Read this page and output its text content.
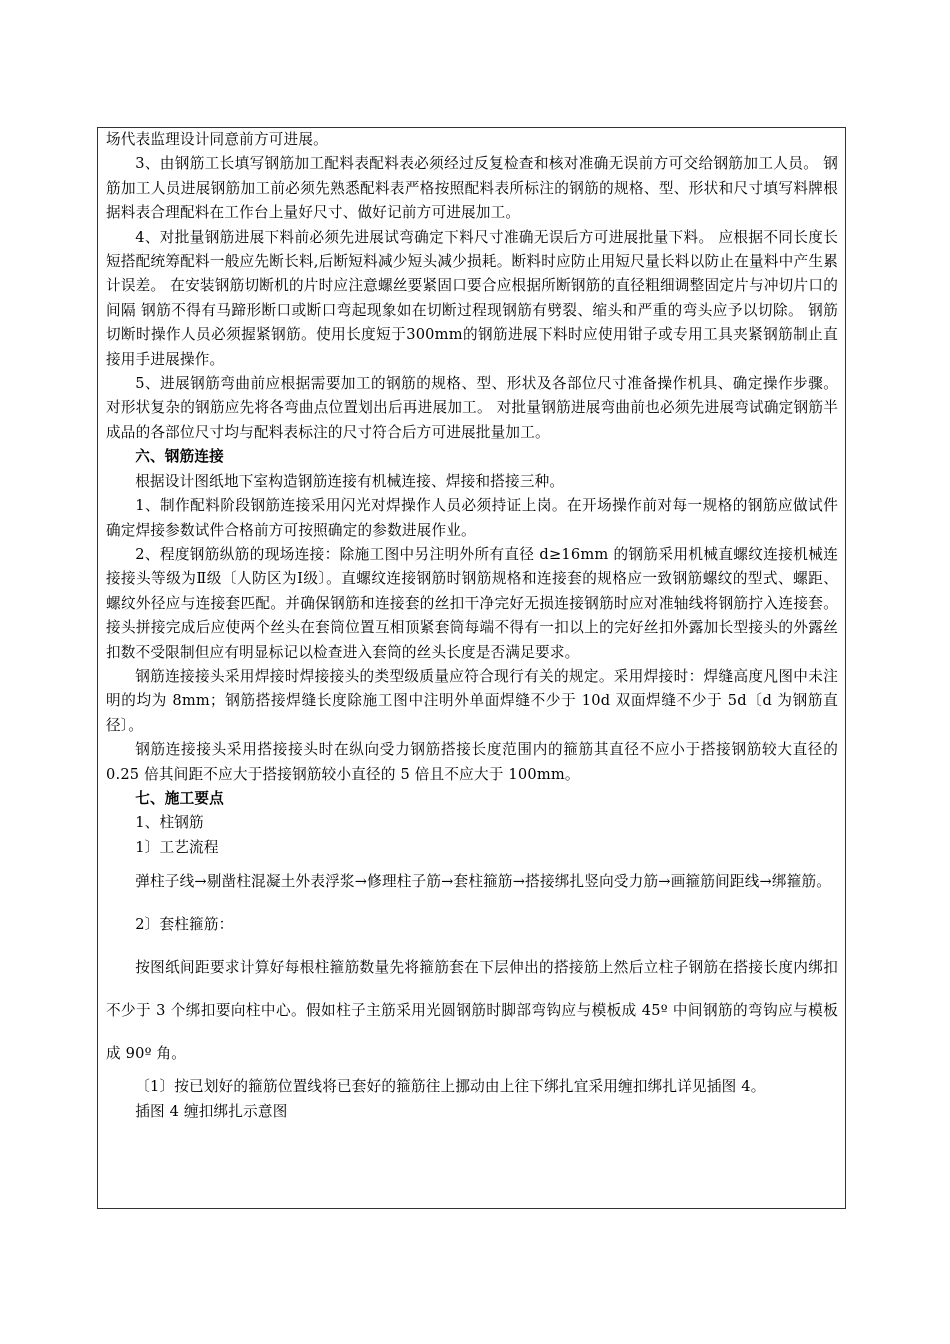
场代表监理设计同意前方可进展。

3、由钢筋工长填写钢筋加工配料表配料表必须经过反复检查和核对准确无误前方可交给钢筋加工人员。 钢筋加工人员进展钢筋加工前必须先熟悉配料表严格按照配料表所标注的钢筋的规格、型、形状和尺寸填写料牌根据料表合理配料在工作台上量好尺寸、做好记前方可进展加工。

4、对批量钢筋进展下料前必须先进展试弯确定下料尺寸准确无误后方可进展批量下料。 应根据不同长度长短搭配统筹配料一般应先断长料,后断短料减少短头减少损耗。断料时应防止用短尺量长料以防止在量料中产生累计误差。 在安装钢筋切断机的片时应注意螺丝要紧固口要合应根据所断钢筋的直径粗细调整固定片与冲切片口的间隔 钢筋不得有马蹄形断口或断口弯起现象如在切断过程现钢筋有劈裂、缩头和严重的弯头应予以切除。 钢筋切断时操作人员必须握紧钢筋。使用长度短于300mm的钢筋进展下料时应使用钳子或专用工具夹紧钢筋制止直接用手进展操作。

5、进展钢筋弯曲前应根据需要加工的钢筋的规格、型、形状及各部位尺寸准备操作机具、确定操作步骤。对形状复杂的钢筋应先将各弯曲点位置划出后再进展加工。 对批量钢筋进展弯曲前也必须先进展弯试确定钢筋半成品的各部位尺寸均与配料表标注的尺寸符合后方可进展批量加工。

六、钢筋连接

根据设计图纸地下室构造钢筋连接有机械连接、焊接和搭接三种。

1、制作配料阶段钢筋连接采用闪光对焊操作人员必须持证上岗。在开场操作前对每一规格的钢筋应做试件确定焊接参数试件合格前方可按照确定的参数进展作业。

2、程度钢筋纵筋的现场连接：除施工图中另注明外所有直径 d≥16mm 的钢筋采用机械直螺纹连接机械连接接头等级为Ⅱ级〔人防区为Ⅰ级〕。直螺纹连接钢筋时钢筋规格和连接套的规格应一致钢筋螺纹的型式、螺距、螺纹外径应与连接套匹配。并确保钢筋和连接套的丝扣干净完好无损连接钢筋时应对准轴线将钢筋拧入连接套。接头拼接完成后应使两个丝头在套筒位置互相顶紧套筒每端不得有一扣以上的完好丝扣外露加长型接头的外露丝扣数不受限制但应有明显标记以检查进入套筒的丝头长度是否满足要求。

钢筋连接接头采用焊接时焊接接头的类型级质量应符合现行有关的规定。采用焊接时：焊缝高度凡图中未注明的均为 8mm；钢筋搭接焊缝长度除施工图中注明外单面焊缝不少于 10d 双面焊缝不少于 5d〔d 为钢筋直径〕。

钢筋连接接头采用搭接接头时在纵向受力钢筋搭接长度范围内的箍筋其直径不应小于搭接钢筋较大直径的 0.25 倍其间距不应大于搭接钢筋较小直径的 5 倍且不应大于 100mm。

七、施工要点

1、柱钢筋

1〕工艺流程

弹柱子线→剔凿柱混凝土外表浮浆→修理柱子筋→套柱箍筋→搭接绑扎竖向受力筋→画箍筋间距线→绑箍筋。

2〕套柱箍筋：

按图纸间距要求计算好每根柱箍筋数量先将箍筋套在下层伸出的搭接筋上然后立柱子钢筋在搭接长度内绑扣不少于 3 个绑扣要向柱中心。假如柱子主筋采用光圆钢筋时脚部弯钩应与模板成 45º 中间钢筋的弯钩应与模板成 90º 角。

〔1〕按已划好的箍筋位置线将已套好的箍筋往上挪动由上往下绑扎宜采用缠扣绑扎详见插图 4。

插图 4 缠扣绑扎示意图
